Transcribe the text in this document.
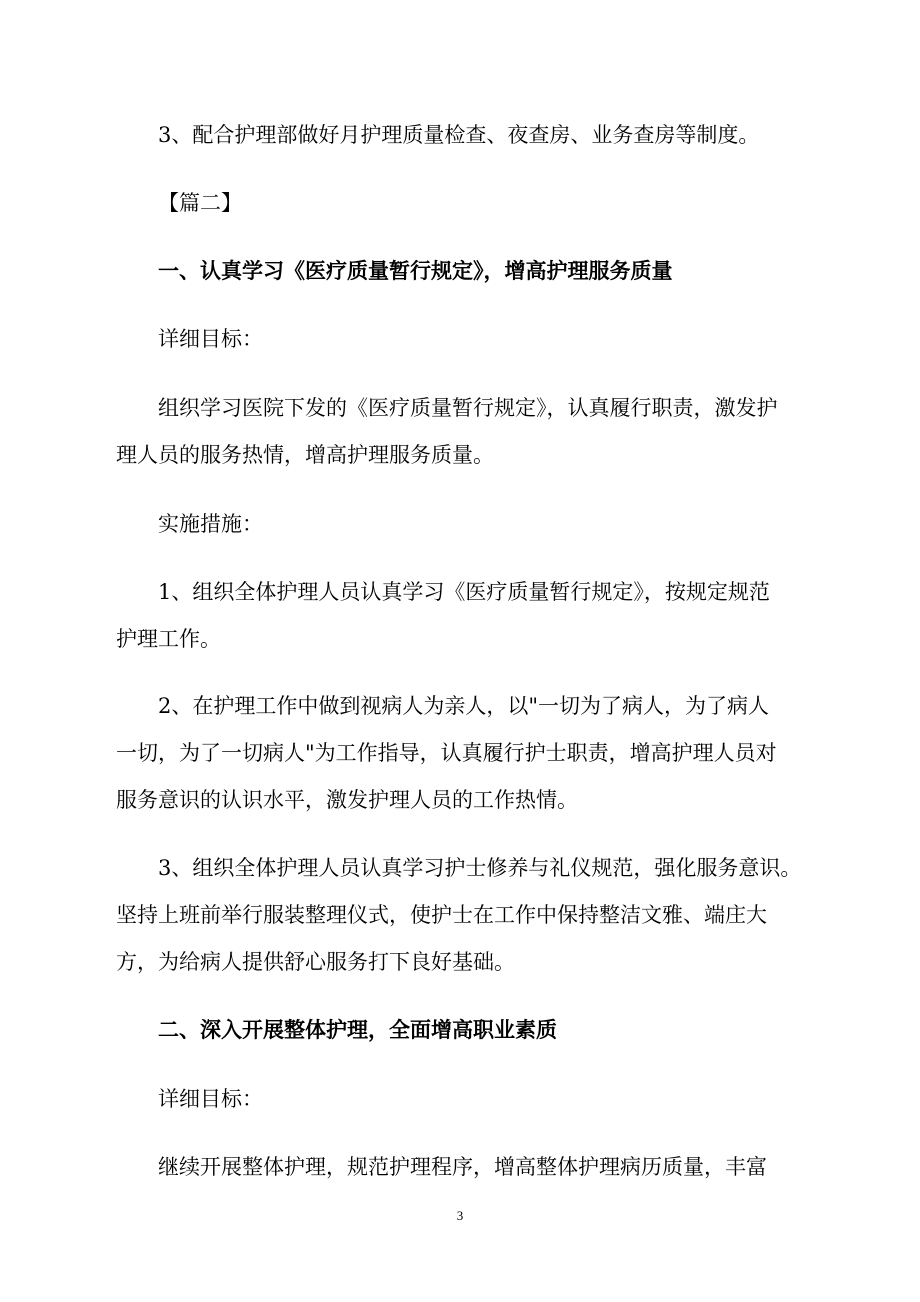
3、配合护理部做好月护理质量检查、夜查房、业务查房等制度。

【篇二】

一、认真学习《医疗质量暂行规定》，增高护理服务质量

详细目标：

组织学习医院下发的《医疗质量暂行规定》，认真履行职责，激发护

理人员的服务热情，增高护理服务质量。

实施措施：

1、组织全体护理人员认真学习《医疗质量暂行规定》，按规定规范

护理工作。

2、在护理工作中做到视病人为亲人，以"一切为了病人，为了病人

一切，为了一切病人"为工作指导，认真履行护士职责，增高护理人员对

服务意识的认识水平，激发护理人员的工作热情。

3、组织全体护理人员认真学习护士修养与礼仪规范，强化服务意识。

坚持上班前举行服装整理仪式，使护士在工作中保持整洁文雅、端庄大

方，为给病人提供舒心服务打下良好基础。

二、深入开展整体护理，全面增高职业素质

详细目标：

继续开展整体护理，规范护理程序，增高整体护理病历质量，丰富

3
